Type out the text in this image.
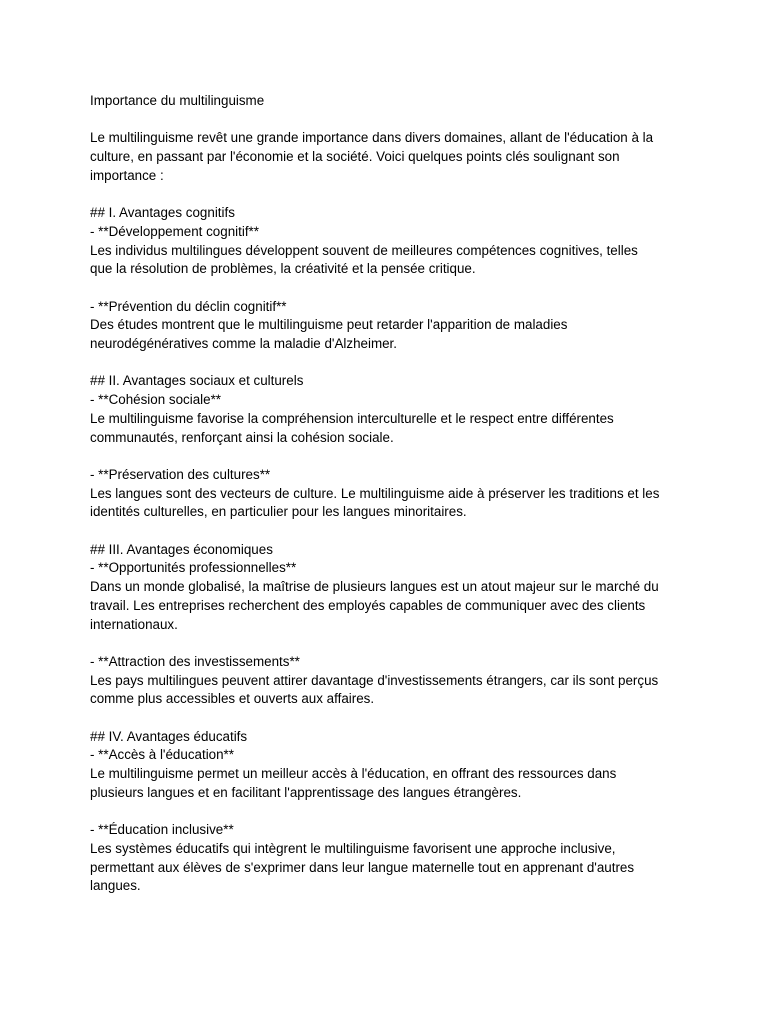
Importance du multilinguisme
Le multilinguisme revêt une grande importance dans divers domaines, allant de l'éducation à la
culture, en passant par l'économie et la société. Voici quelques points clés soulignant son
importance :
## I. Avantages cognitifs
- **Développement cognitif**
Les individus multilingues développent souvent de meilleures compétences cognitives, telles
que la résolution de problèmes, la créativité et la pensée critique.
- **Prévention du déclin cognitif**
Des études montrent que le multilinguisme peut retarder l'apparition de maladies
neurodégénératives comme la maladie d'Alzheimer.
## II. Avantages sociaux et culturels
- **Cohésion sociale**
Le multilinguisme favorise la compréhension interculturelle et le respect entre différentes
communautés, renforçant ainsi la cohésion sociale.
- **Préservation des cultures**
Les langues sont des vecteurs de culture. Le multilinguisme aide à préserver les traditions et les
identités culturelles, en particulier pour les langues minoritaires.
## III. Avantages économiques
- **Opportunités professionnelles**
Dans un monde globalisé, la maîtrise de plusieurs langues est un atout majeur sur le marché du
travail. Les entreprises recherchent des employés capables de communiquer avec des clients
internationaux.
- **Attraction des investissements**
Les pays multilingues peuvent attirer davantage d'investissements étrangers, car ils sont perçus
comme plus accessibles et ouverts aux affaires.
## IV. Avantages éducatifs
- **Accès à l'éducation**
Le multilinguisme permet un meilleur accès à l'éducation, en offrant des ressources dans
plusieurs langues et en facilitant l'apprentissage des langues étrangères.
- **Éducation inclusive**
Les systèmes éducatifs qui intègrent le multilinguisme favorisent une approche inclusive,
permettant aux élèves de s'exprimer dans leur langue maternelle tout en apprenant d'autres
langues.
